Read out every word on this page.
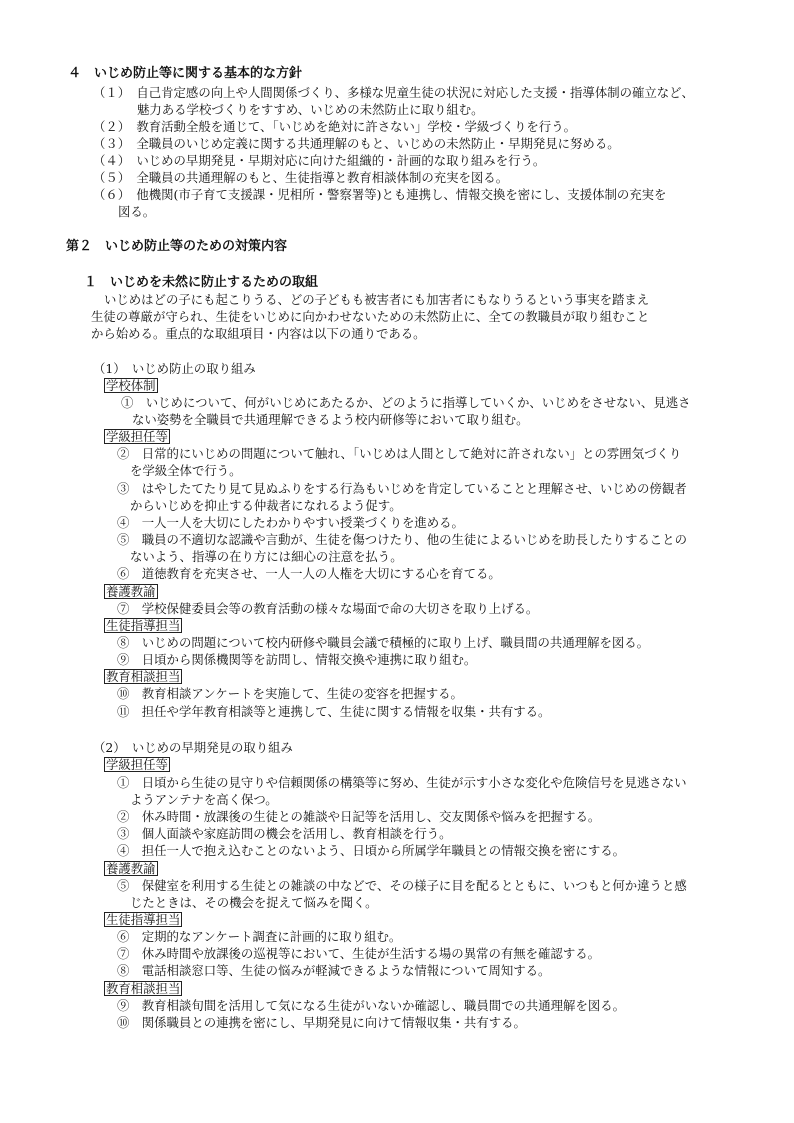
４　いじめ防止等に関する基本的な方針
（１）　自己肯定感の向上や人間関係づくり、多様な児童生徒の状況に対応した支援・指導体制の確立など、
魅力ある学校づくりをすすめ、いじめの未然防止に取り組む。
（２）　教育活動全般を通じて、「いじめを絶対に許さない」学校・学級づくりを行う。
（３）　全職員のいじめ定義に関する共通理解のもと、いじめの未然防止・早期発見に努める。
（４）　いじめの早期発見・早期対応に向けた組織的・計画的な取り組みを行う。
（５）　全職員の共通理解のもと、生徒指導と教育相談体制の充実を図る。
（６）　他機関(市子育て支援課・児相所・警察署等)とも連携し、情報交換を密にし、支援体制の充実を
図る。
第２　いじめ防止等のための対策内容
１　いじめを未然に防止するための取組
いじめはどの子にも起こりうる、どの子どもも被害者にも加害者にもなりうるという事実を踏まえ
生徒の尊厳が守られ、生徒をいじめに向かわせないための未然防止に、全ての教職員が取り組むこと
から始める。重点的な取組項目・内容は以下の通りである。
（1）　いじめ防止の取り組み
学校体制
①　いじめについて、何がいじめにあたるか、どのように指導していくか、いじめをさせない、見逃さ
ない姿勢を全職員で共通理解できるよう校内研修等において取り組む。
学級担任等
②　日常的にいじめの問題について触れ、「いじめは人間として絶対に許されない」との雰囲気づくり
を学級全体で行う。
③　はやしたてたり見て見ぬふりをする行為もいじめを肯定していることと理解させ、いじめの傍観者
からいじめを抑止する仲裁者になれるよう促す。
④　一人一人を大切にしたわかりやすい授業づくりを進める。
⑤　職員の不適切な認識や言動が、生徒を傷つけたり、他の生徒によるいじめを助長したりすることの
ないよう、指導の在り方には細心の注意を払う。
⑥　道徳教育を充実させ、一人一人の人権を大切にする心を育てる。
養護教諭
⑦　学校保健委員会等の教育活動の様々な場面で命の大切さを取り上げる。
生徒指導担当
⑧　いじめの問題について校内研修や職員会議で積極的に取り上げ、職員間の共通理解を図る。
⑨　日頃から関係機関等を訪問し、情報交換や連携に取り組む。
教育相談担当
⑩　教育相談アンケートを実施して、生徒の変容を把握する。
⑪　担任や学年教育相談等と連携して、生徒に関する情報を収集・共有する。
（2）　いじめの早期発見の取り組み
学級担任等
①　日頃から生徒の見守りや信頼関係の構築等に努め、生徒が示す小さな変化や危険信号を見逃さない
ようアンテナを高く保つ。
②　休み時間・放課後の生徒との雑談や日記等を活用し、交友関係や悩みを把握する。
③　個人面談や家庭訪問の機会を活用し、教育相談を行う。
④　担任一人で抱え込むことのないよう、日頃から所属学年職員との情報交換を密にする。
養護教諭
⑤　保健室を利用する生徒との雑談の中などで、その様子に目を配るとともに、いつもと何か違うと感
じたときは、その機会を捉えて悩みを聞く。
生徒指導担当
⑥　定期的なアンケート調査に計画的に取り組む。
⑦　休み時間や放課後の巡視等において、生徒が生活する場の異常の有無を確認する。
⑧　電話相談窓口等、生徒の悩みが軽減できるような情報について周知する。
教育相談担当
⑨　教育相談旬間を活用して気になる生徒がいないか確認し、職員間での共通理解を図る。
⑩　関係職員との連携を密にし、早期発見に向けて情報収集・共有する。
